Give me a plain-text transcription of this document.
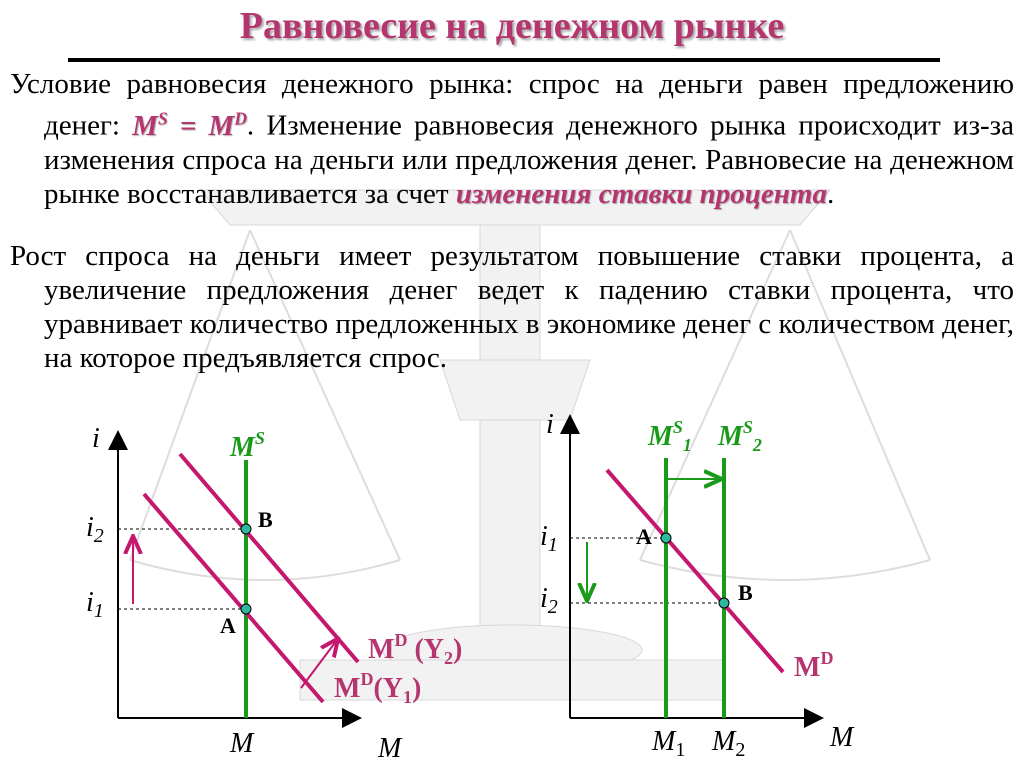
Равновесие на денежном рынке
Условие равновесия денежного рынка: спрос на деньги равен предложению денег: $M^S = M^D$. Изменение равновесия денежного рынка происходит из-за изменения спроса на деньги или предложения денег. Равновесие на денежном рынке восстанавливается за счет изменения ставки процента.
Рост спроса на деньги имеет результатом повышение ставки процента, а увеличение предложения денег ведет к падению ставки процента, что уравнивает количество предложенных в экономике денег с количеством денег, на которое предъявляется спрос.
i
$i_2$
$i_1$
$M^S$
B
A
M	M
$M^D$ $(Y_2)$
$M^D(Y_1)$
i
$i_1$
$i_2$
$M^S_1$ $M^S_2$
A
B
$M_1$ $M_2$	M
$M^D$
